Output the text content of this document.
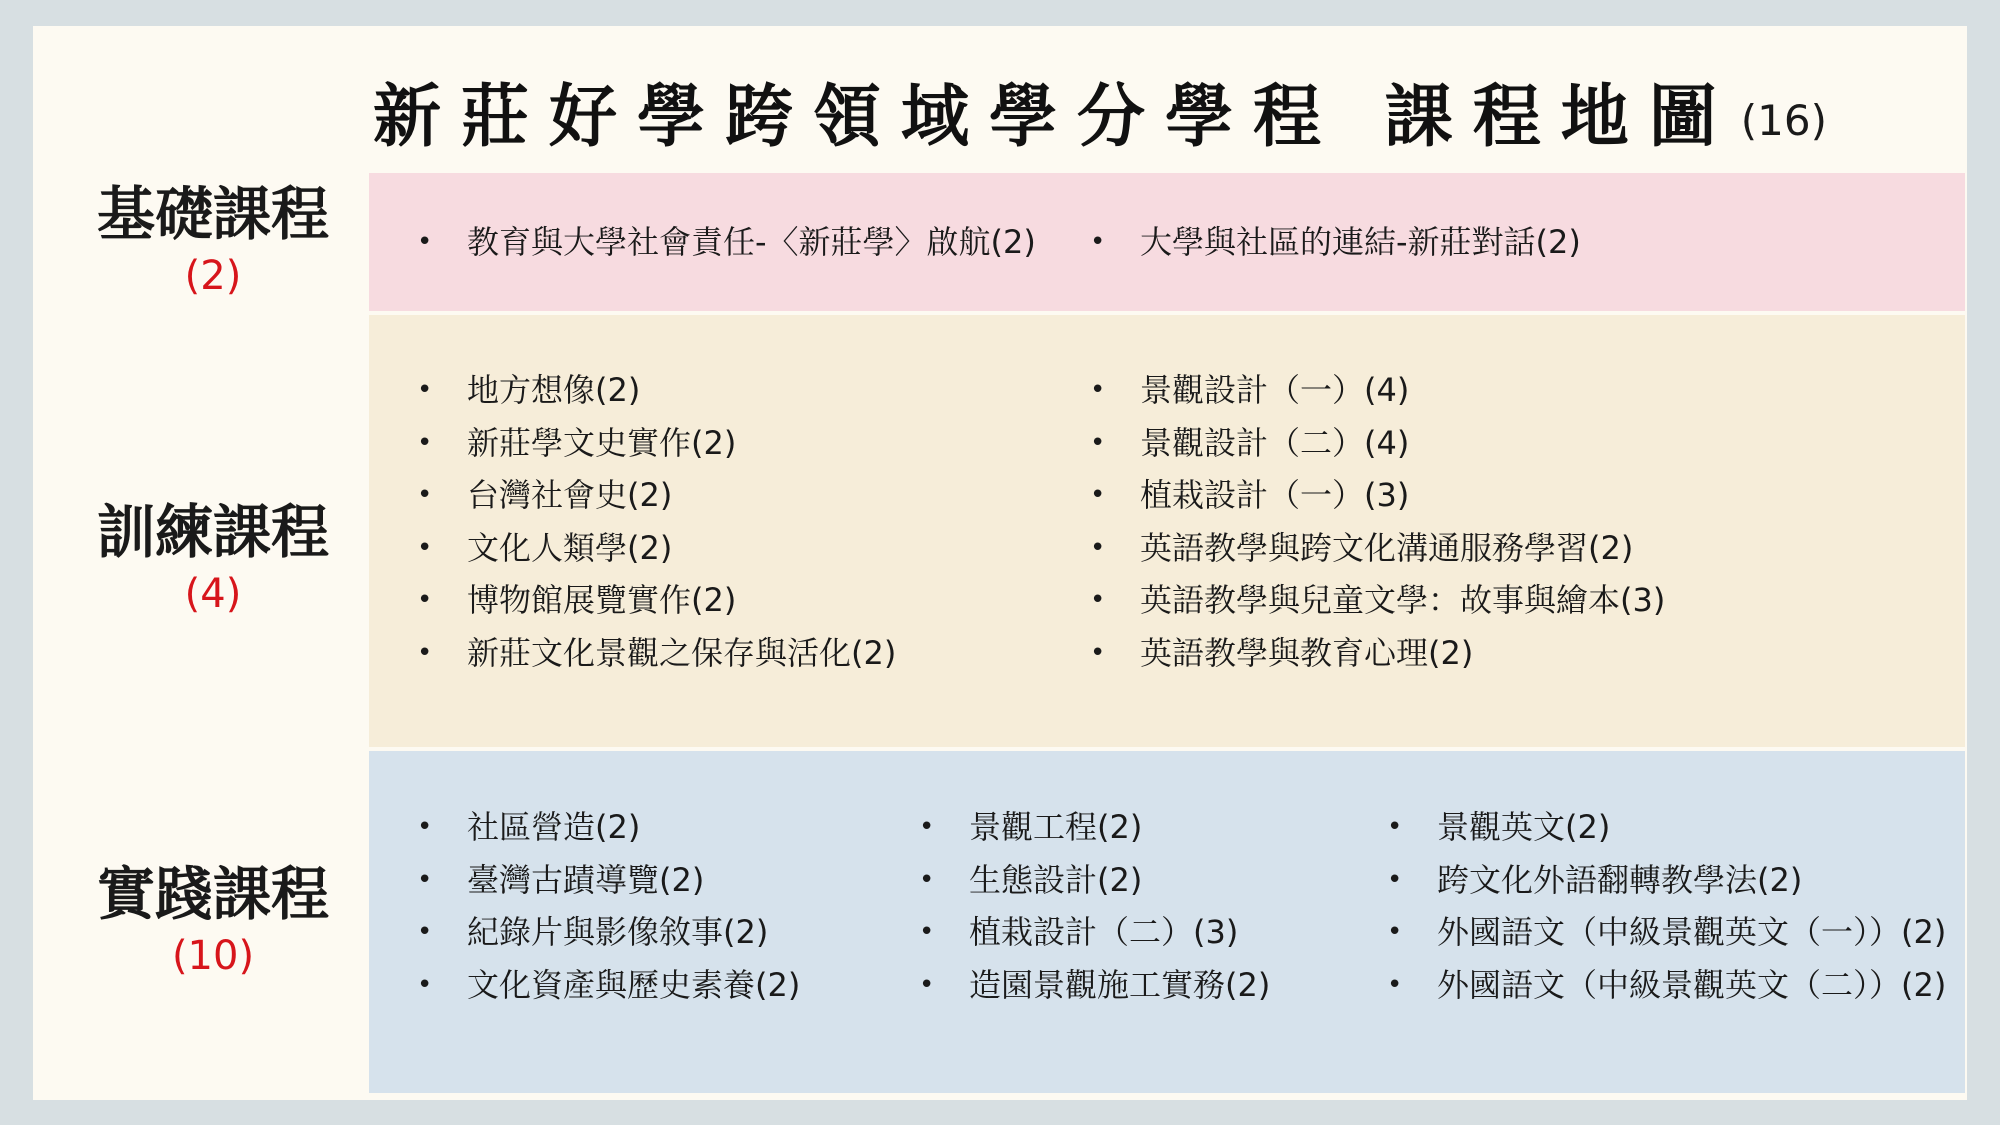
新莊好學跨領域學分學程 課程地圖 (16)
基礎課程
(2)
• 教育與大學社會責任-〈新莊學〉啟航(2)
•	大學與社區的連結-新莊對話(2)
訓練課程
(4)
• 地方想像(2)
• 新莊學文史實作(2)
• 台灣社會史(2)
• 文化人類學(2)
• 博物館展覽實作(2)
• 新莊文化景觀之保存與活化(2)
• 景觀設計（一）(4)
• 景觀設計（二）(4)
• 植栽設計（一）(3)
• 英語教學與跨文化溝通服務學習(2)
• 英語教學與兒童文學：故事與繪本(3)
• 英語教學與教育心理(2)
實踐課程
(10)
• 社區營造(2)
• 臺灣古蹟導覽(2)
• 紀錄片與影像敘事(2)
• 文化資產與歷史素養(2)
• 景觀工程(2)
• 生態設計(2)
• 植栽設計（二）(3)
• 造園景觀施工實務(2)
• 景觀英文(2)
• 跨文化外語翻轉教學法(2)
• 外國語文（中級景觀英文（一））(2)
• 外國語文（中級景觀英文（二））(2)
